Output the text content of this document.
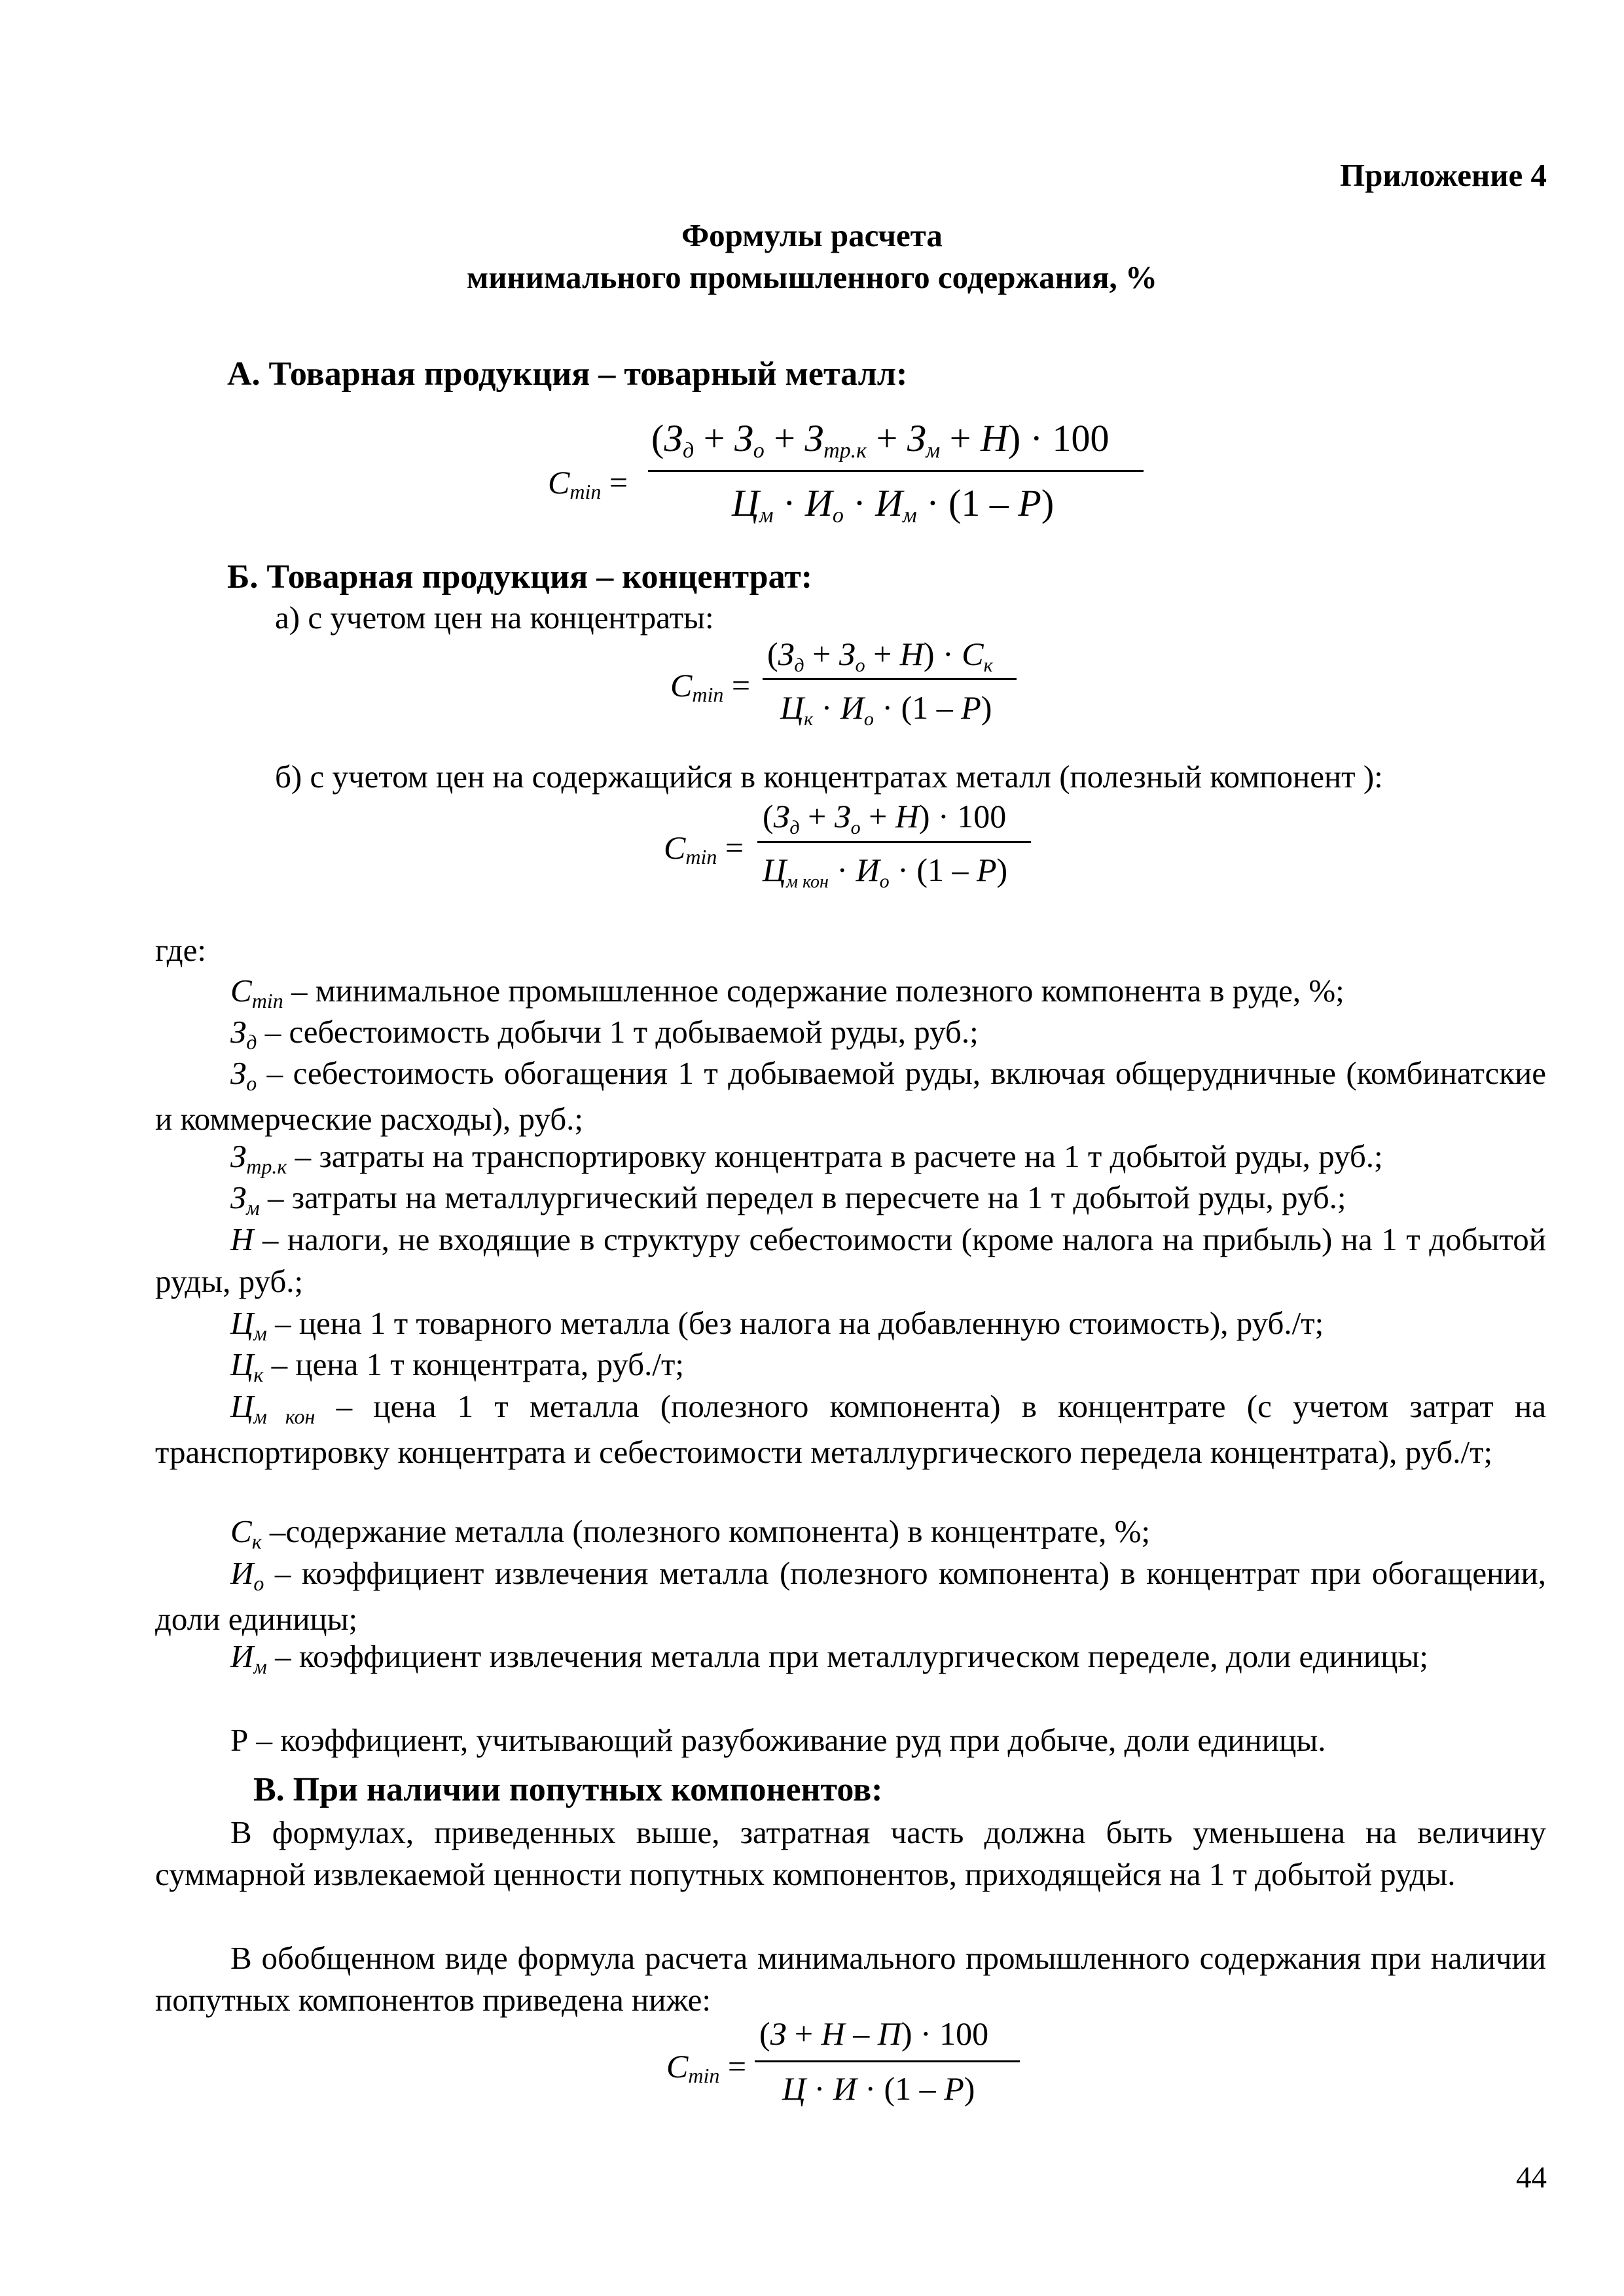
Приложение 4
Формулы расчета
минимального промышленного содержания, %
А. Товарная продукция – товарный металл:
Cmin =
(Зд + Зо + Зтр.к + Зм + Н) · 100
Цм · Ио · Им · (1 – Р)
Б. Товарная продукция – концентрат:
а) с учетом цен на концентраты:
Cmin =
$(З_д + З_о + Н) \cdot С_к$
$Ц_к \cdot И_о \cdot (1 - Р)$
б) с учетом цен на содержащийся в концентратах металл (полезный компонент ):
Cmin =
$(З_д + З_о + Н) \cdot 100$
$Ц_{м кон} \cdot И_о \cdot (1 - Р)$
где:
$C_{min}$ – минимальное промышленное содержание полезного компонента в руде, %;
$З_д$ – себестоимость добычи 1 т добываемой руды, руб.;
$З_о$ – себестоимость обогащения 1 т добываемой руды, включая общерудничные (комбинатские и коммерческие расходы), руб.;
$З_{тр.к}$ – затраты на транспортировку концентрата в расчете на 1 т добытой руды, руб.;
$З_м$ – затраты на металлургический передел в пересчете на 1 т добытой руды, руб.;
Н – налоги, не входящие в структуру себестоимости (кроме налога на прибыль) на 1 т добытой руды, руб.;
$Ц_м$ – цена 1 т товарного металла (без налога на добавленную стоимость), руб./т;
$Ц_к$ – цена 1 т концентрата, руб./т;
$Ц_{м кон}$ – цена 1 т металла (полезного компонента) в концентрате (с учетом затрат на транспортировку концентрата и себестоимости металлургического передела концентрата), руб./т;
$С_к$ –содержание металла (полезного компонента) в концентрате, %;
$И_о$ – коэффициент извлечения металла (полезного компонента) в концентрат при обогащении, доли единицы;
$И_м$ – коэффициент извлечения металла при металлургическом переделе, доли единицы;
Р – коэффициент, учитывающий разубоживание руд при добыче, доли единицы.
В. При наличии попутных компонентов:
В формулах, приведенных выше, затратная часть должна быть уменьшена на величину суммарной извлекаемой ценности попутных компонентов, приходящейся на 1 т добытой руды.
В обобщенном виде формула расчета минимального промышленного содержания при наличии попутных компонентов приведена ниже:
Cmin =
(З + Н – П) · 100
Ц · И · (1 – Р)
44
